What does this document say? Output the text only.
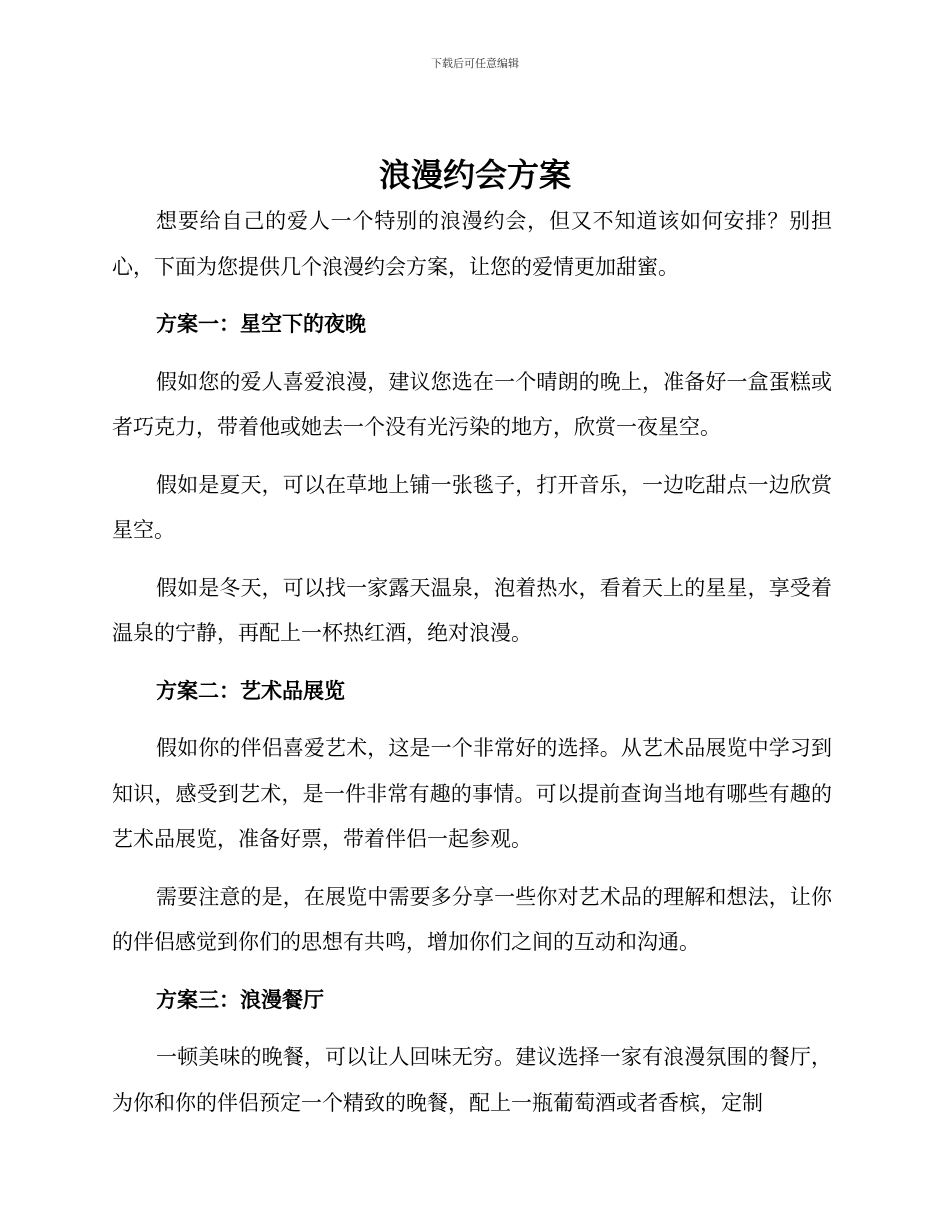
下载后可任意编辑
浪漫约会方案

想要给自己的爱人一个特别的浪漫约会，但又不知道该如何安排？别担心，下面为您提供几个浪漫约会方案，让您的爱情更加甜蜜。

方案一：星空下的夜晚

假如您的爱人喜爱浪漫，建议您选在一个晴朗的晚上，准备好一盒蛋糕或者巧克力，带着他或她去一个没有光污染的地方，欣赏一夜星空。

假如是夏天，可以在草地上铺一张毯子，打开音乐，一边吃甜点一边欣赏星空。

假如是冬天，可以找一家露天温泉，泡着热水，看着天上的星星，享受着温泉的宁静，再配上一杯热红酒，绝对浪漫。

方案二：艺术品展览

假如你的伴侣喜爱艺术，这是一个非常好的选择。从艺术品展览中学习到知识，感受到艺术，是一件非常有趣的事情。可以提前查询当地有哪些有趣的艺术品展览，准备好票，带着伴侣一起参观。

需要注意的是，在展览中需要多分享一些你对艺术品的理解和想法，让你的伴侣感觉到你们的思想有共鸣，增加你们之间的互动和沟通。

方案三：浪漫餐厅

一顿美味的晚餐，可以让人回味无穷。建议选择一家有浪漫氛围的餐厅，为你和你的伴侣预定一个精致的晚餐，配上一瓶葡萄酒或者香槟，定制
